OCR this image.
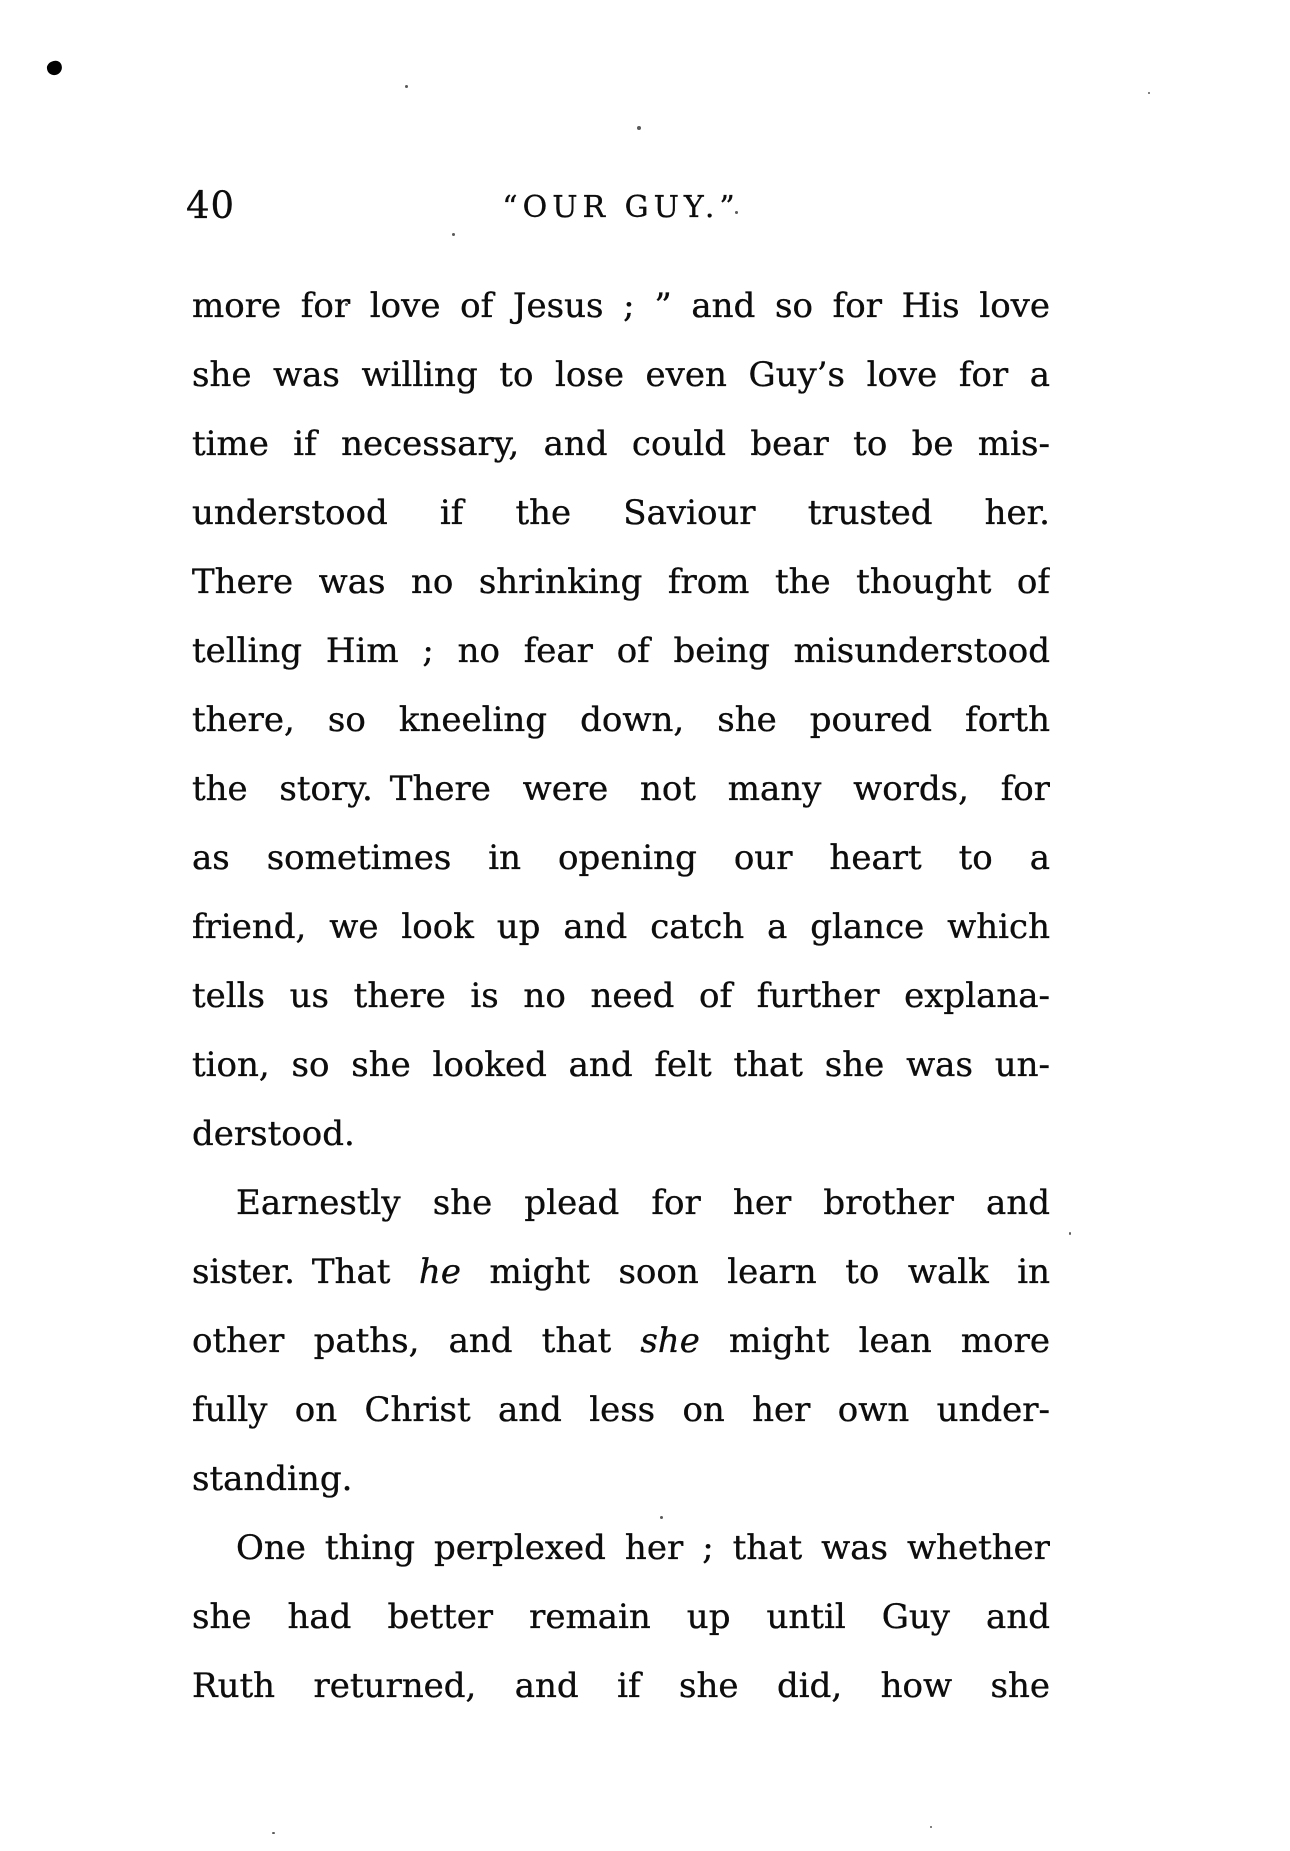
40	“OUR GUY.”
more for love of Jesus ; ” and so for His love
she was willing to lose even Guy’s love for a
time if necessary, and could bear to be mis-
understood if the Saviour trusted her.
There was no shrinking from the thought of
telling Him ; no fear of being misunderstood
there, so kneeling down, she poured forth
the story. There were not many words, for
as sometimes in opening our heart to a
friend, we look up and catch a glance which
tells us there is no need of further explana-
tion, so she looked and felt that she was un-
derstood.
Earnestly she plead for her brother and
sister. That he might soon learn to walk in
other paths, and that she might lean more
fully on Christ and less on her own under-
standing.
One thing perplexed her ; that was whether
she had better remain up until Guy and
Ruth returned, and if she did, how she
